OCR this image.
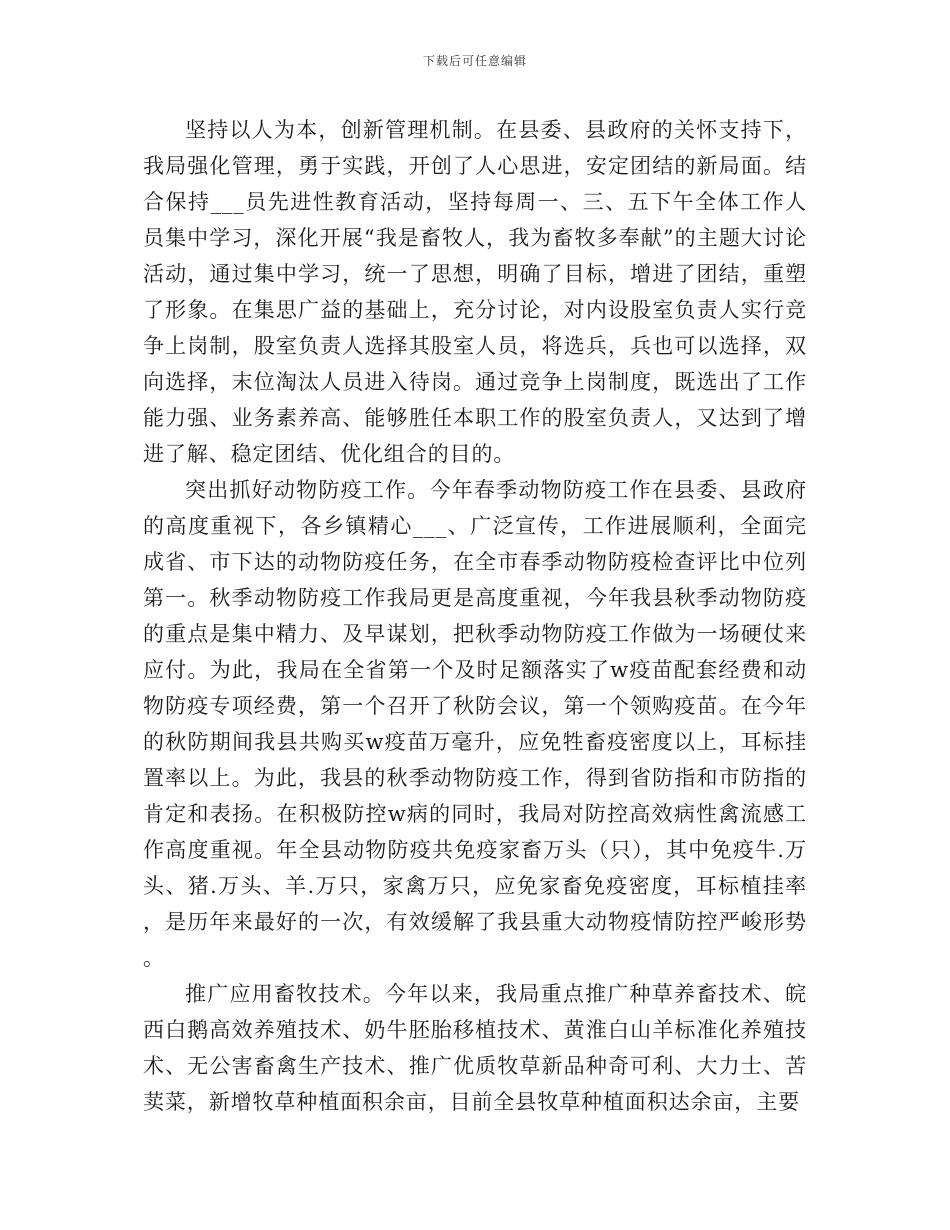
下载后可任意编辑

坚持以人为本，创新管理机制。在县委、县政府的关怀支持下，我局强化管理，勇于实践，开创了人心思进，安定团结的新局面。结合保持___员先进性教育活动，坚持每周一、三、五下午全体工作人员集中学习，深化开展“我是畜牧人，我为畜牧多奉献”的主题大讨论活动，通过集中学习，统一了思想，明确了目标，增进了团结，重塑了形象。在集思广益的基础上，充分讨论，对内设股室负责人实行竞争上岗制，股室负责人选择其股室人员，将选兵，兵也可以选择，双向选择，末位淘汰人员进入待岗。通过竞争上岗制度，既选出了工作能力强、业务素养高、能够胜任本职工作的股室负责人，又达到了增进了解、稳定团结、优化组合的目的。

突出抓好动物防疫工作。今年春季动物防疫工作在县委、县政府的高度重视下，各乡镇精心___、广泛宣传，工作进展顺利，全面完成省、市下达的动物防疫任务，在全市春季动物防疫检查评比中位列第一。秋季动物防疫工作我局更是高度重视，今年我县秋季动物防疫的重点是集中精力、及早谋划，把秋季动物防疫工作做为一场硬仗来应付。为此，我局在全省第一个及时足额落实了w疫苗配套经费和动物防疫专项经费，第一个召开了秋防会议，第一个领购疫苗。在今年的秋防期间我县共购买w疫苗万毫升，应免牲畜疫密度以上，耳标挂置率以上。为此，我县的秋季动物防疫工作，得到省防指和市防指的肯定和表扬。在积极防控w病的同时，我局对防控高效病性禽流感工作高度重视。年全县动物防疫共免疫家畜万头（只），其中免疫牛.万头、猪.万头、羊.万只，家禽万只，应免家畜免疫密度，耳标植挂率，是历年来最好的一次，有效缓解了我县重大动物疫情防控严峻形势。

推广应用畜牧技术。今年以来，我局重点推广种草养畜技术、皖西白鹅高效养殖技术、奶牛胚胎移植技术、黄淮白山羊标准化养殖技术、无公害畜禽生产技术、推广优质牧草新品种奇可利、大力士、苦荬菜，新增牧草种植面积余亩，目前全县牧草种植面积达余亩，主要
